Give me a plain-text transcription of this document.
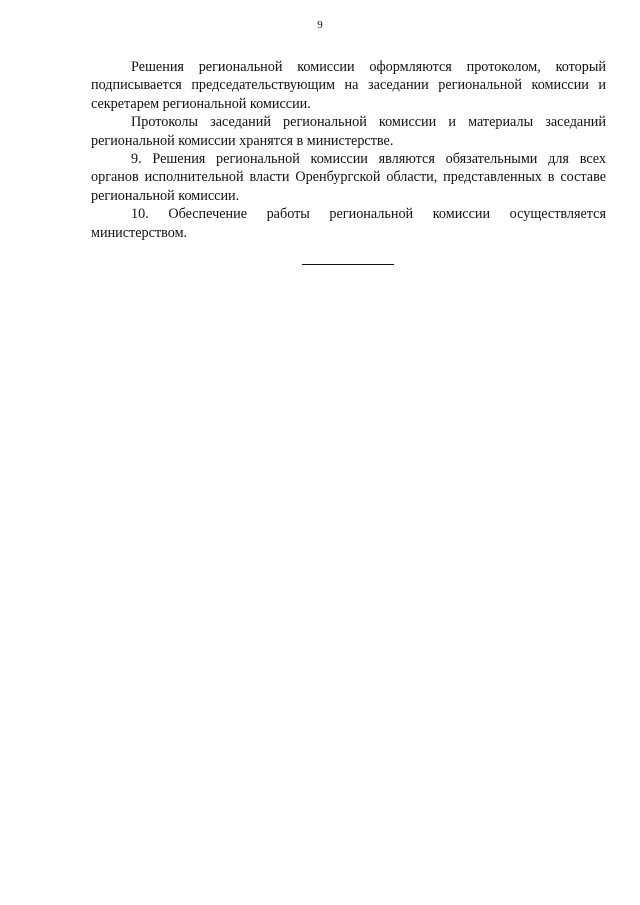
9

Решения региональной комиссии оформляются протоколом, который подписывается председательствующим на заседании региональной комиссии и секретарем региональной комиссии.

Протоколы заседаний региональной комиссии и материалы заседаний региональной комиссии хранятся в министерстве.

9. Решения региональной комиссии являются обязательными для всех органов исполнительной власти Оренбургской области, представленных в составе региональной комиссии.

10. Обеспечение работы региональной комиссии осуществляется министерством.
